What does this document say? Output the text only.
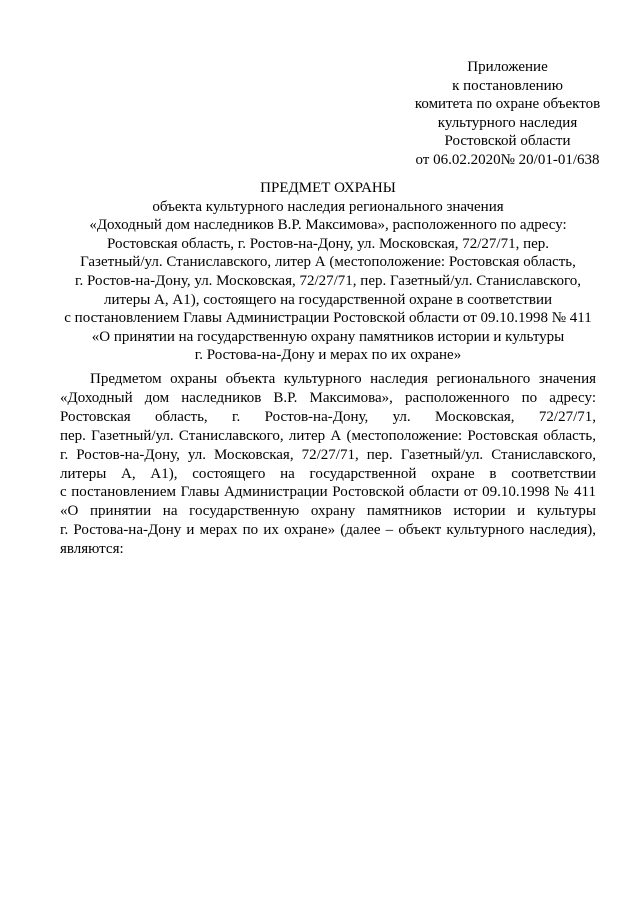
Приложение
к постановлению
комитета по охране объектов
культурного наследия
Ростовской области
от 06.02.2020№ 20/01-01/638
ПРЕДМЕТ ОХРАНЫ
объекта культурного наследия регионального значения
«Доходный дом наследников В.Р. Максимова», расположенного по адресу:
Ростовская область, г. Ростов-на-Дону, ул. Московская, 72/27/71, пер.
Газетный/ул. Станиславского, литер А (местоположение: Ростовская область,
г. Ростов-на-Дону, ул. Московская, 72/27/71, пер. Газетный/ул. Станиславского,
литеры А, А1), состоящего на государственной охране в соответствии
с постановлением Главы Администрации Ростовской области от 09.10.1998 № 411
«О принятии на государственную охрану памятников истории и культуры
г. Ростова-на-Дону и мерах по их охране»
Предметом охраны объекта культурного наследия регионального значения
«Доходный дом наследников В.Р. Максимова», расположенного по адресу:
Ростовская область, г. Ростов-на-Дону, ул. Московская, 72/27/71,
пер. Газетный/ул. Станиславского, литер А (местоположение: Ростовская область,
г. Ростов-на-Дону, ул. Московская, 72/27/71, пер. Газетный/ул. Станиславского,
литеры А, А1), состоящего на государственной охране в соответствии
с постановлением Главы Администрации Ростовской области от 09.10.1998 № 411
«О принятии на государственную охрану памятников истории и культуры
г. Ростова-на-Дону и мерах по их охране» (далее – объект культурного наследия),
являются:
